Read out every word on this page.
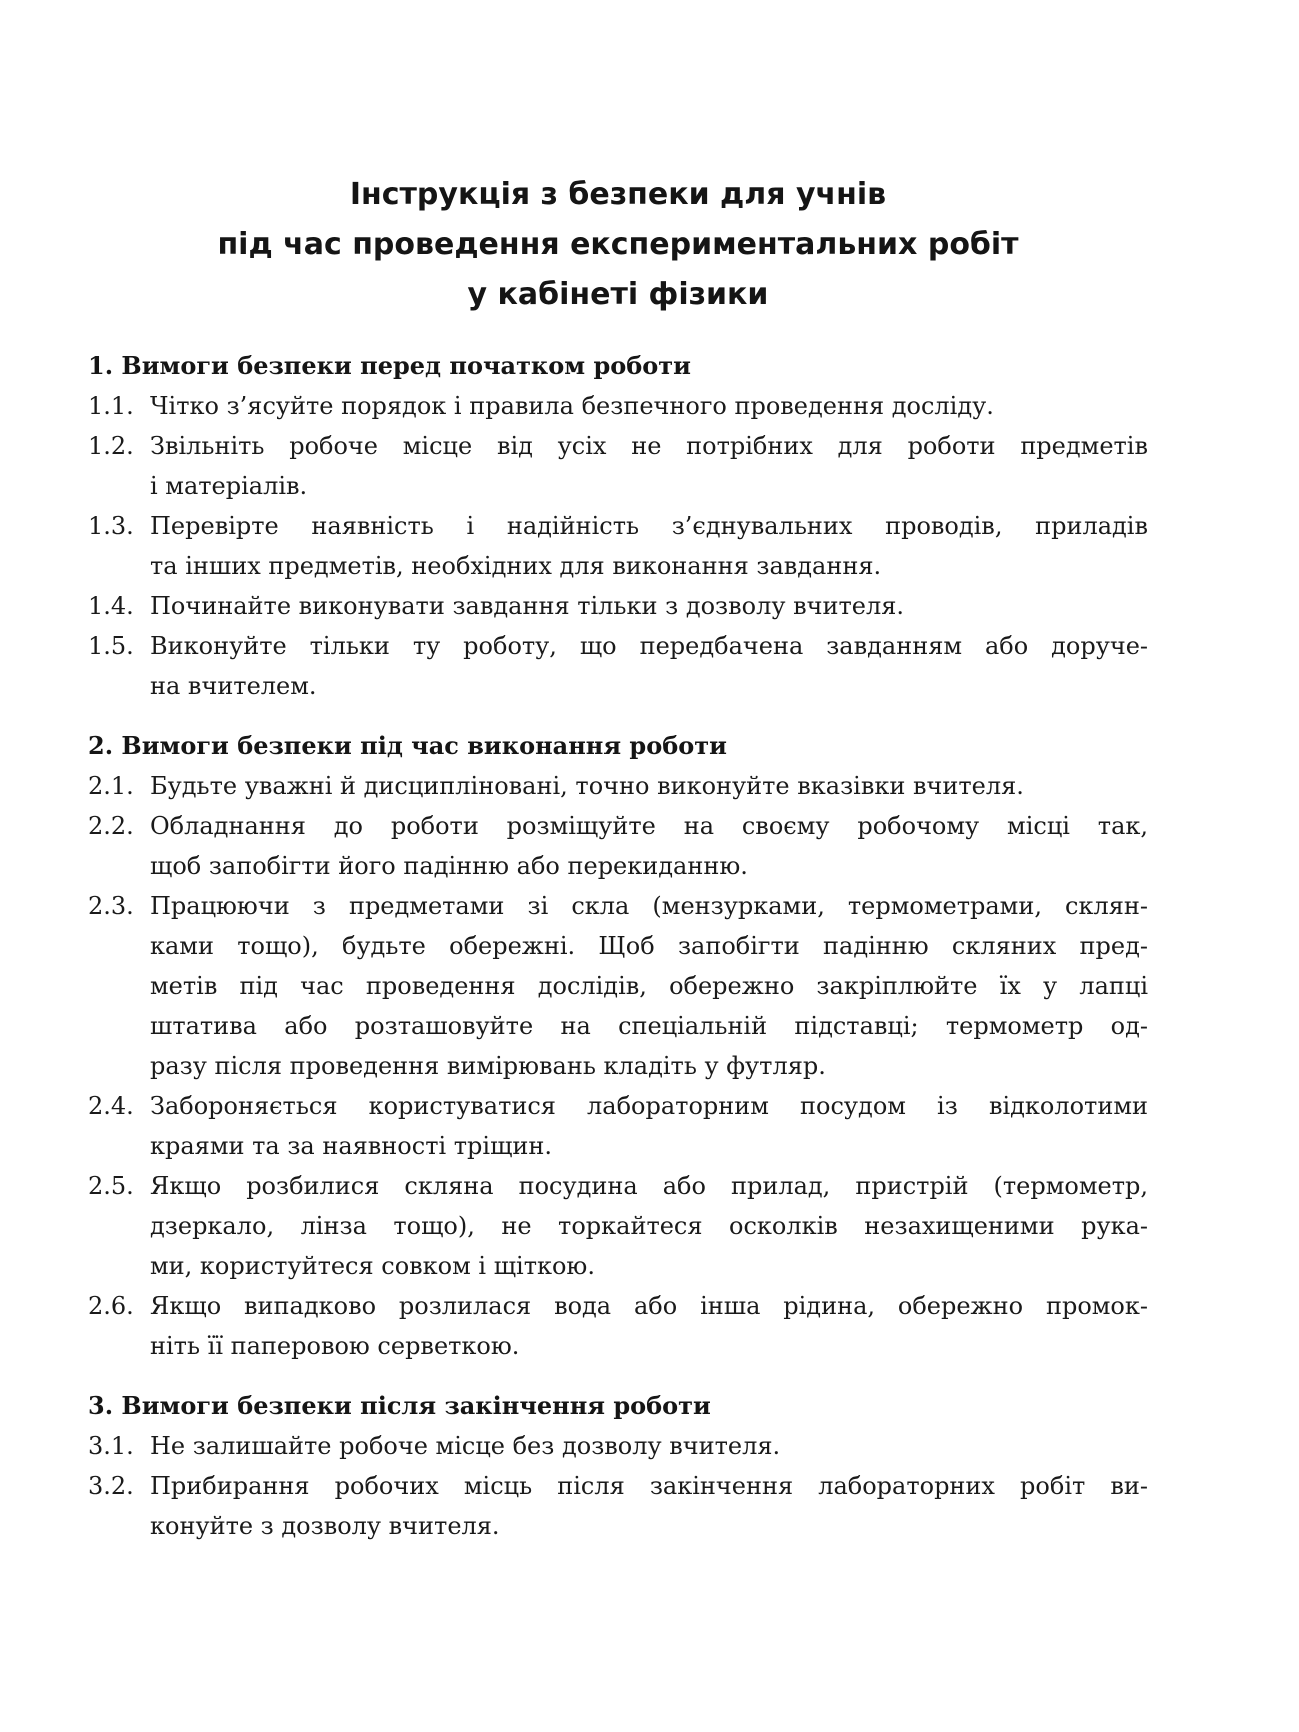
Інструкція з безпеки для учнів
під час проведення експериментальних робіт
у кабінеті фізики
1. Вимоги безпеки перед початком роботи
1.1. Чітко з’ясуйте порядок і правила безпечного проведення досліду.
1.2. Звільніть робоче місце від усіх не потрібних для роботи предметів
і матеріалів.
1.3. Перевірте наявність і надійність з’єднувальних проводів, приладів
та інших предметів, необхідних для виконання завдання.
1.4. Починайте виконувати завдання тільки з дозволу вчителя.
1.5. Виконуйте тільки ту роботу, що передбачена завданням або доруче-
на вчителем.
2. Вимоги безпеки під час виконання роботи
2.1. Будьте уважні й дисципліновані, точно виконуйте вказівки вчителя.
2.2. Обладнання до роботи розміщуйте на своєму робочому місці так,
щоб запобігти його падінню або перекиданню.
2.3. Працюючи з предметами зі скла (мензурками, термометрами, склян-
ками тощо), будьте обережні. Щоб запобігти падінню скляних пред-
метів під час проведення дослідів, обережно закріплюйте їх у лапці
штатива або розташовуйте на спеціальній підставці; термометр од-
разу після проведення вимірювань кладіть у футляр.
2.4. Забороняється користуватися лабораторним посудом із відколотими
краями та за наявності тріщин.
2.5. Якщо розбилися скляна посудина або прилад, пристрій (термометр,
дзеркало, лінза тощо), не торкайтеся осколків незахищеними рука-
ми, користуйтеся совком і щіткою.
2.6. Якщо випадково розлилася вода або інша рідина, обережно промок-
ніть її паперовою серветкою.
3. Вимоги безпеки після закінчення роботи
3.1. Не залишайте робоче місце без дозволу вчителя.
3.2. Прибирання робочих місць після закінчення лабораторних робіт ви-
конуйте з дозволу вчителя.
